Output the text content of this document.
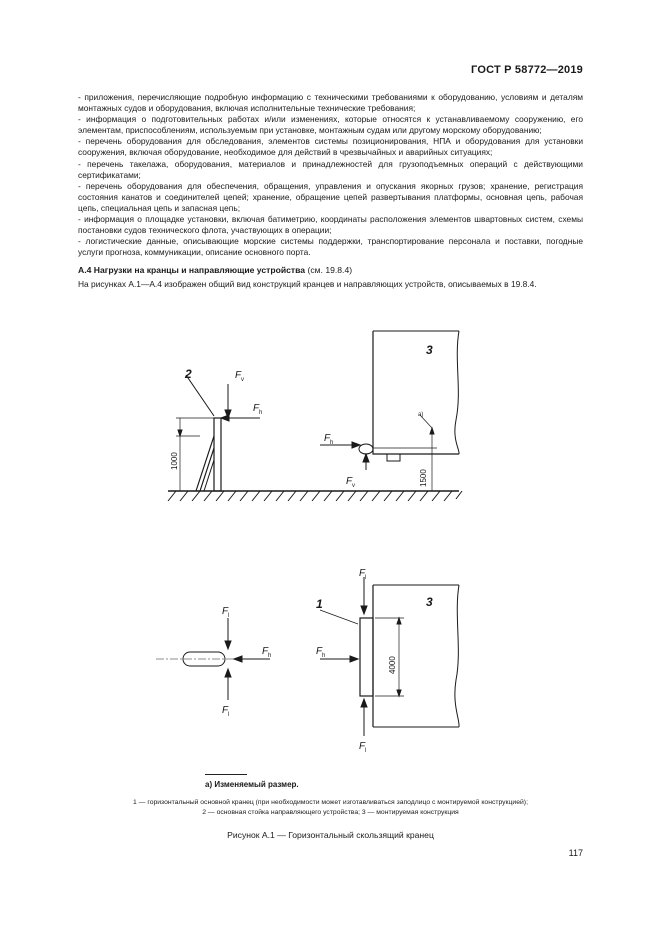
ГОСТ Р 58772—2019

- приложения, перечисляющие подробную информацию с техническими требованиями к оборудованию, условиям и деталям монтажных судов и оборудования, включая исполнительные технические требования;

- информация о подготовительных работах и/или изменениях, которые относятся к устанавливаемому сооружению, его элементам, приспособлениям, используемым при установке, монтажным судам или другому морскому оборудованию;

- перечень оборудования для обследования, элементов системы позиционирования, НПА и оборудования для установки сооружения, включая оборудование, необходимое для действий в чрезвычайных и аварийных ситуациях;

- перечень такелажа, оборудования, материалов и принадлежностей для грузоподъемных операций с действующими сертификатами;

- перечень оборудования для обеспечения, обращения, управления и опускания якорных грузов; хранение, регистрация состояния канатов и соединителей цепей; хранение, обращение цепей развертывания платформы, основная цепь, рабочая цепь, специальная цепь и запасная цепь;

- информация о площадке установки, включая батиметрию, координаты расположения элементов швартовных систем, схемы постановки судов технического флота, участвующих в операции;

- логистические данные, описывающие морские системы поддержки, транспортирование персонала и поставки, погодные услуги прогноза, коммуникации, описание основного порта.

А.4 Нагрузки на кранцы и направляющие устройства (см. 19.8.4)

На рисунках А.1—А.4 изображен общий вид конструкций кранцев и направляющих устройств, описываемых в 19.8.4.

2	F v
F h
1000
3
a)
1500
F h
F v
F l
F l
F h
1	3
F l
F l
F h
4000
а) Изменяемый размер.
1 — горизонтальный основной кранец (при необходимости может изготавливаться заподлицо с монтируемой конструкцией);
2 — основная стойка направляющего устройства; 3 — монтируемая конструкция
Рисунок А.1 — Горизонтальный скользящий кранец
117
